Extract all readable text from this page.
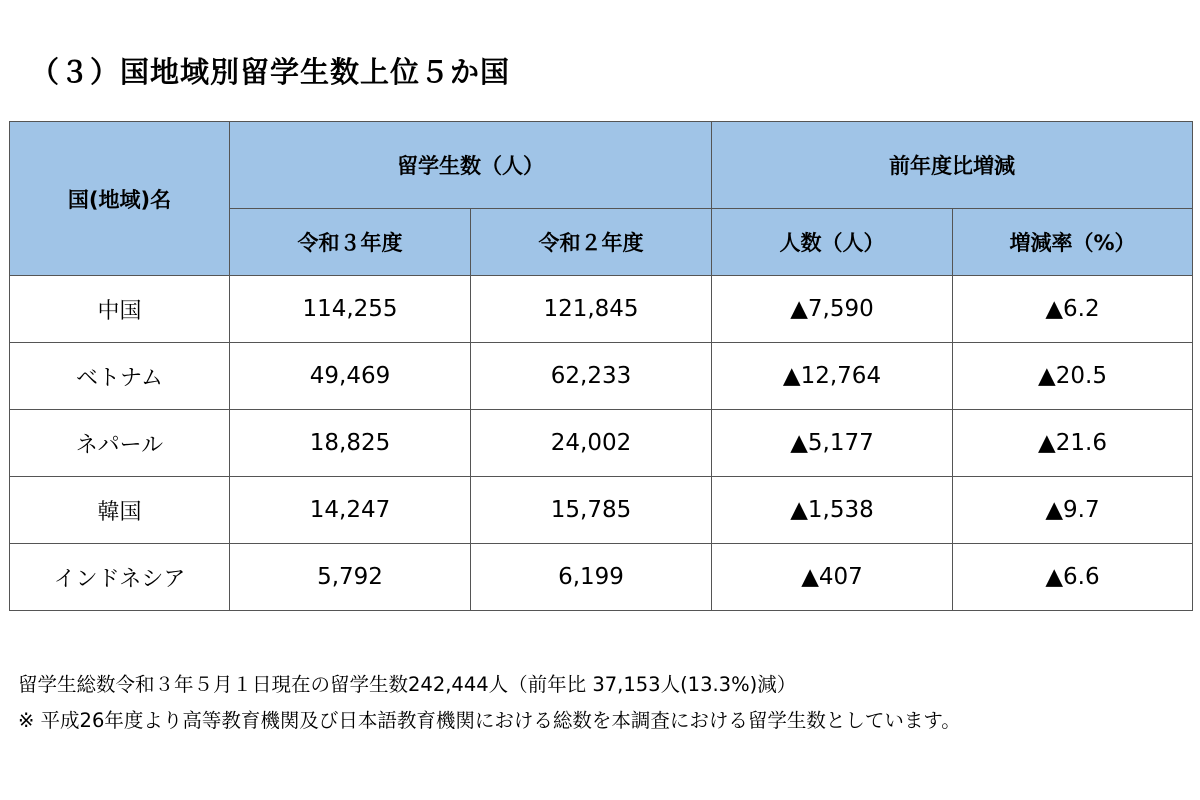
（３）国地域別留学生数上位５か国
国(地域)名	留学生数（人）		前年度比増減	
	令和３年度	令和２年度	人数（人）	増減率（%）
中国	114,255	121,845	▲7,590	▲6.2
ベトナム	49,469	62,233	▲12,764	▲20.5
ネパール	18,825	24,002	▲5,177	▲21.6
韓国	14,247	15,785	▲1,538	▲9.7
インドネシア	5,792	6,199	▲407	▲6.6
留学生総数令和３年５月１日現在の留学生数242,444人（前年比 37,153人(13.3%)減）
※ 平成26年度より高等教育機関及び日本語教育機関における総数を本調査における留学生数としています。
